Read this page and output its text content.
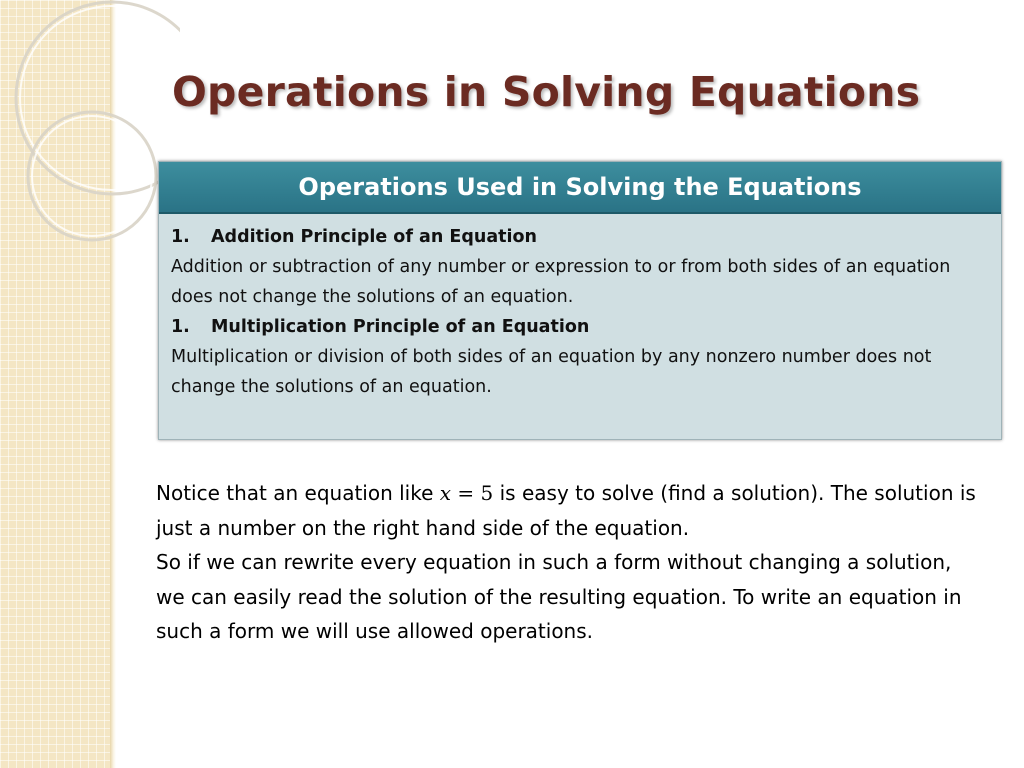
Operations in Solving Equations
Operations Used in Solving the Equations
1.	Addition Principle of an Equation

Addition or subtraction of any number or expression to or from both sides of an equation does not change the solutions of an equation.

1.	Multiplication Principle of an Equation

Multiplication or division of both sides of an equation by any nonzero number does not change the solutions of an equation.

Notice that an equation like x = 5 is easy to solve (find a solution). The solution is just a number on the right hand side of the equation.

So if we can rewrite every equation in such a form without changing a solution, we can easily read the solution of the resulting equation. To write an equation in such a form we will use allowed operations.
